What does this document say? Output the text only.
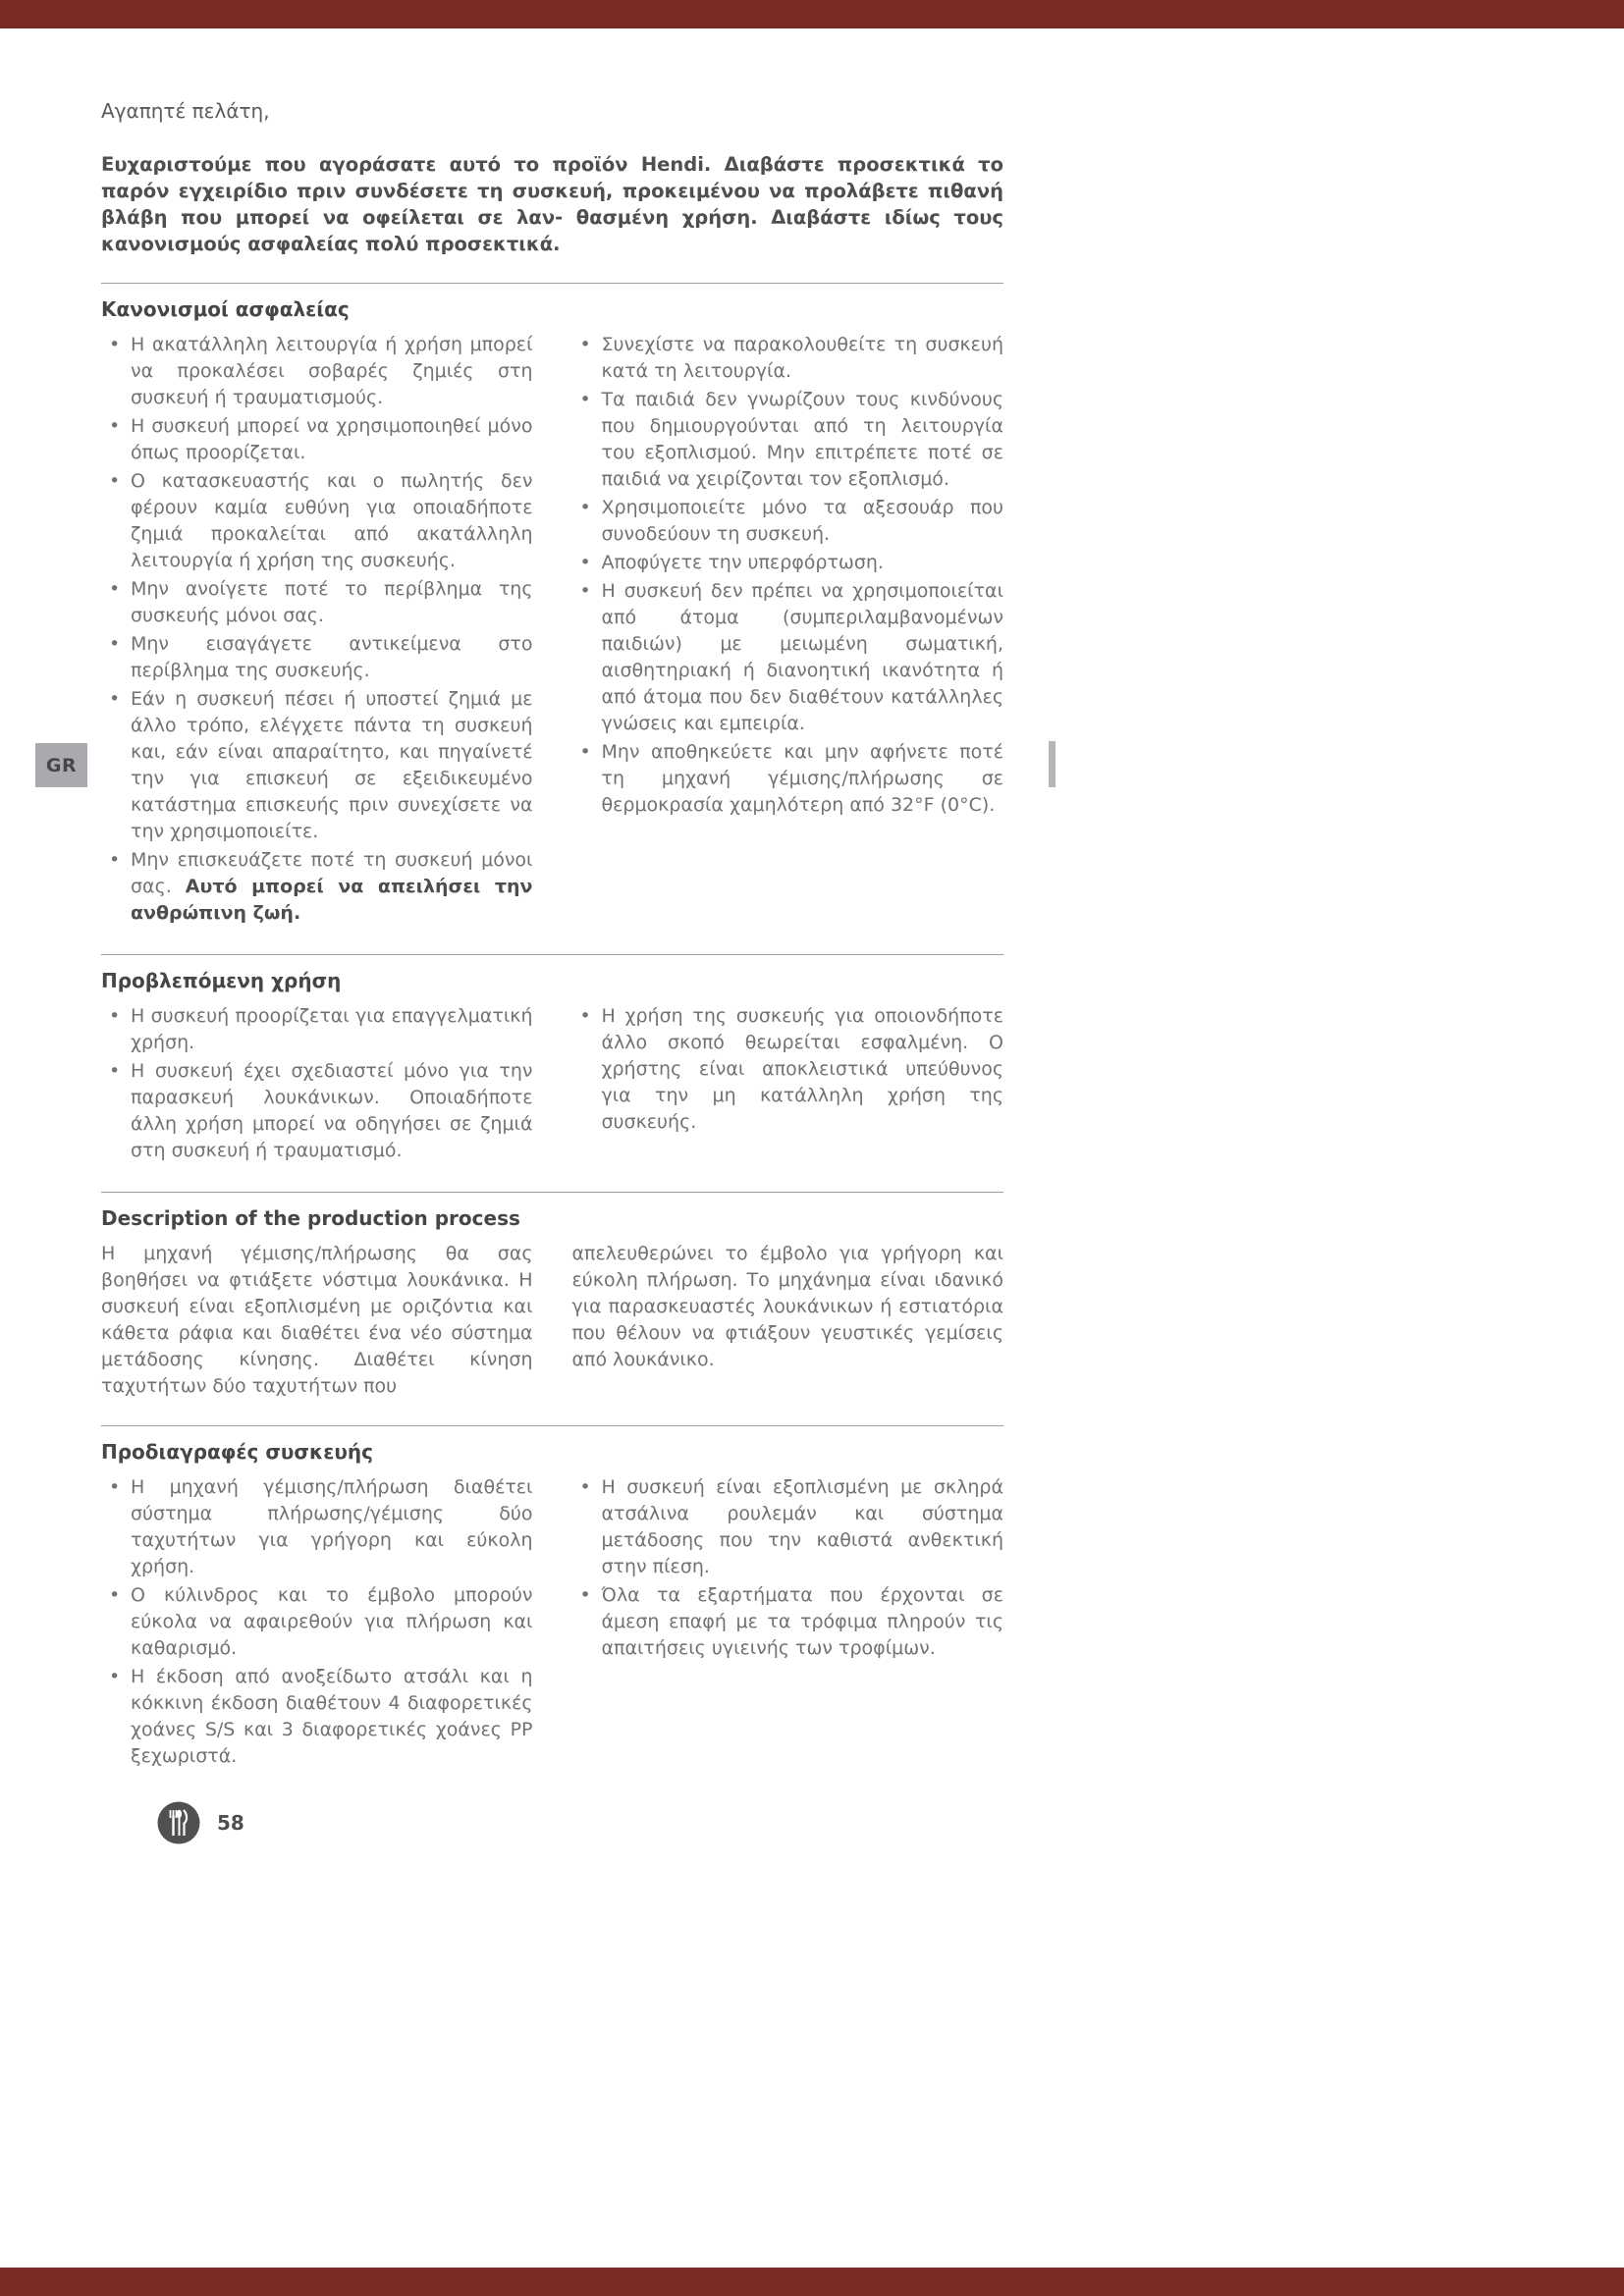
GR

Αγαπητέ πελάτη,

Ευχαριστούμε που αγοράσατε αυτό το προϊόν Hendi. Διαβάστε προσεκτικά το παρόν εγχειρίδιο πριν συνδέσετε τη συσκευή, προκειμένου να προλάβετε πιθανή βλάβη που μπορεί να οφείλεται σε λαν- θασμένη χρήση. Διαβάστε ιδίως τους κανονισμούς ασφαλείας πολύ προσεκτικά.

Κανονισμοί ασφαλείας
• Η ακατάλληλη λειτουργία ή χρήση μπορεί να προκαλέσει σοβαρές ζημιές στη συσκευή ή τραυματισμούς.
• Η συσκευή μπορεί να χρησιμοποιηθεί μόνο όπως προορίζεται.
• Ο κατασκευαστής και ο πωλητής δεν φέρουν καμία ευθύνη για οποιαδήποτε ζημιά προκαλείται από ακατάλληλη λειτουργία ή χρήση της συσκευής.
• Μην ανοίγετε ποτέ το περίβλημα της συσκευής μόνοι σας.
• Μην εισαγάγετε αντικείμενα στο περίβλημα της συσκευής.
• Εάν η συσκευή πέσει ή υποστεί ζημιά με άλλο τρόπο, ελέγχετε πάντα τη συσκευή και, εάν είναι απαραίτητο, και πηγαίνετέ την για επισκευή σε εξειδικευμένο κατάστημα επισκευής πριν συνεχίσετε να την χρησιμοποιείτε.
• Μην επισκευάζετε ποτέ τη συσκευή μόνοι σας. Αυτό μπορεί να απειλήσει την ανθρώπινη ζωή.
• Συνεχίστε να παρακολουθείτε τη συσκευή κατά τη λειτουργία.
• Τα παιδιά δεν γνωρίζουν τους κινδύνους που δημιουργούνται από τη λειτουργία του εξοπλισμού. Μην επιτρέπετε ποτέ σε παιδιά να χειρίζονται τον εξοπλισμό.
• Χρησιμοποιείτε μόνο τα αξεσουάρ που συνοδεύουν τη συσκευή.
• Αποφύγετε την υπερφόρτωση.
• Η συσκευή δεν πρέπει να χρησιμοποιείται από άτομα (συμπεριλαμβανομένων παιδιών) με μειωμένη σωματική, αισθητηριακή ή διανοητική ικανότητα ή από άτομα που δεν διαθέτουν κατάλληλες γνώσεις και εμπειρία.
• Μην αποθηκεύετε και μην αφήνετε ποτέ τη μηχανή γέμισης/πλήρωσης σε θερμοκρασία χαμηλότερη από 32°F (0°C).
Προβλεπόμενη χρήση
• Η συσκευή προορίζεται για επαγγελματική χρήση.
• Η συσκευή έχει σχεδιαστεί μόνο για την παρασκευή λουκάνικων. Οποιαδήποτε άλλη χρήση μπορεί να οδηγήσει σε ζημιά στη συσκευή ή τραυματισμό.
• Η χρήση της συσκευής για οποιονδήποτε άλλο σκοπό θεωρείται εσφαλμένη. Ο χρήστης είναι αποκλειστικά υπεύθυνος για την μη κατάλληλη χρήση της συσκευής.
Description of the production process

Η μηχανή γέμισης/πλήρωσης θα σας βοηθήσει να φτιάξετε νόστιμα λουκάνικα. Η συσκευή είναι εξοπλισμένη με οριζόντια και κάθετα ράφια και διαθέτει ένα νέο σύστημα μετάδοσης κίνησης. Διαθέτει κίνηση ταχυτήτων δύο ταχυτήτων που

απελευθερώνει το έμβολο για γρήγορη και εύκολη πλήρωση. Το μηχάνημα είναι ιδανικό για παρασκευαστές λουκάνικων ή εστιατόρια που θέλουν να φτιάξουν γευστικές γεμίσεις από λουκάνικο.

Προδιαγραφές συσκευής
• Η μηχανή γέμισης/πλήρωση διαθέτει σύστημα πλήρωσης/γέμισης δύο ταχυτήτων για γρήγορη και εύκολη χρήση.
• Ο κύλινδρος και το έμβολο μπορούν εύκολα να αφαιρεθούν για πλήρωση και καθαρισμό.
• Η έκδοση από ανοξείδωτο ατσάλι και η κόκκινη έκδοση διαθέτουν 4 διαφορετικές χοάνες S/S και 3 διαφορετικές χοάνες PP ξεχωριστά.
• Η συσκευή είναι εξοπλισμένη με σκληρά ατσάλινα ρουλεμάν και σύστημα μετάδοσης που την καθιστά ανθεκτική στην πίεση.
• Όλα τα εξαρτήματα που έρχονται σε άμεση επαφή με τα τρόφιμα πληρούν τις απαιτήσεις υγιεινής των τροφίμων.
58
